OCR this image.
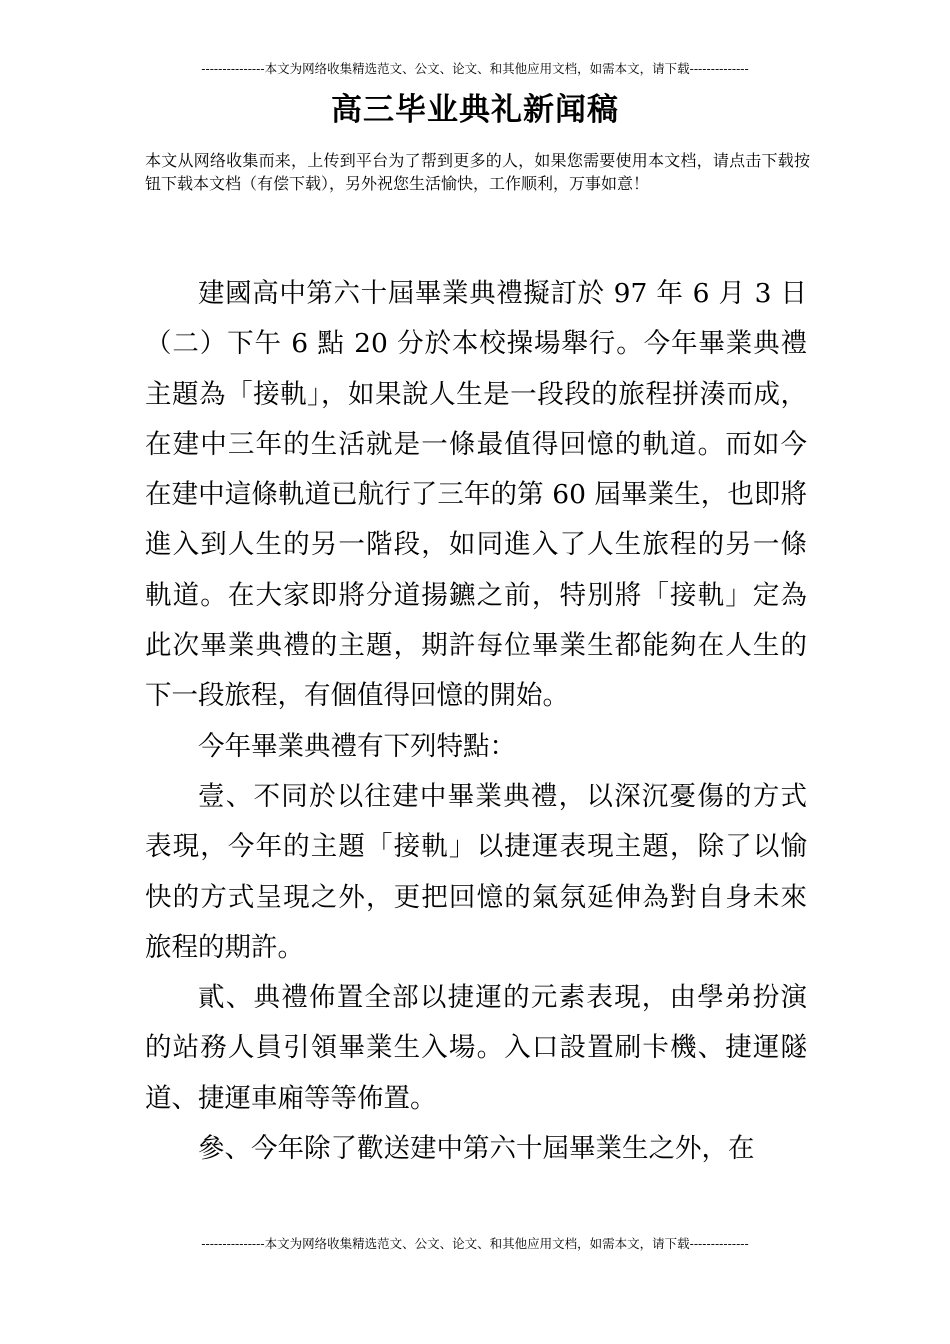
---------------本文为网络收集精选范文、公文、论文、和其他应用文档，如需本文，请下载--------------
高三毕业典礼新闻稿
本文从网络收集而来，上传到平台为了帮到更多的人，如果您需要使用本文档，请点击下载按钮下载本文档（有偿下载），另外祝您生活愉快，工作顺利，万事如意！

建國高中第六十屆畢業典禮擬訂於 97 年 6 月 3 日（二）下午 6 點 20 分於本校操場舉行。今年畢業典禮主題為「接軌」，如果說人生是一段段的旅程拼湊而成，在建中三年的生活就是一條最值得回憶的軌道。而如今在建中這條軌道已航行了三年的第 60 屆畢業生，也即將進入到人生的另一階段，如同進入了人生旅程的另一條軌道。在大家即將分道揚鑣之前，特別將「接軌」定為此次畢業典禮的主題，期許每位畢業生都能夠在人生的下一段旅程，有個值得回憶的開始。

今年畢業典禮有下列特點：

壹、不同於以往建中畢業典禮，以深沉憂傷的方式表現，今年的主題「接軌」以捷運表現主題，除了以愉快的方式呈現之外，更把回憶的氣氛延伸為對自身未來旅程的期許。

貳、典禮佈置全部以捷運的元素表現，由學弟扮演的站務人員引領畢業生入場。入口設置刷卡機、捷運隧道、捷運車廂等等佈置。

參、今年除了歡送建中第六十屆畢業生之外，在

---------------本文为网络收集精选范文、公文、论文、和其他应用文档，如需本文，请下载--------------
